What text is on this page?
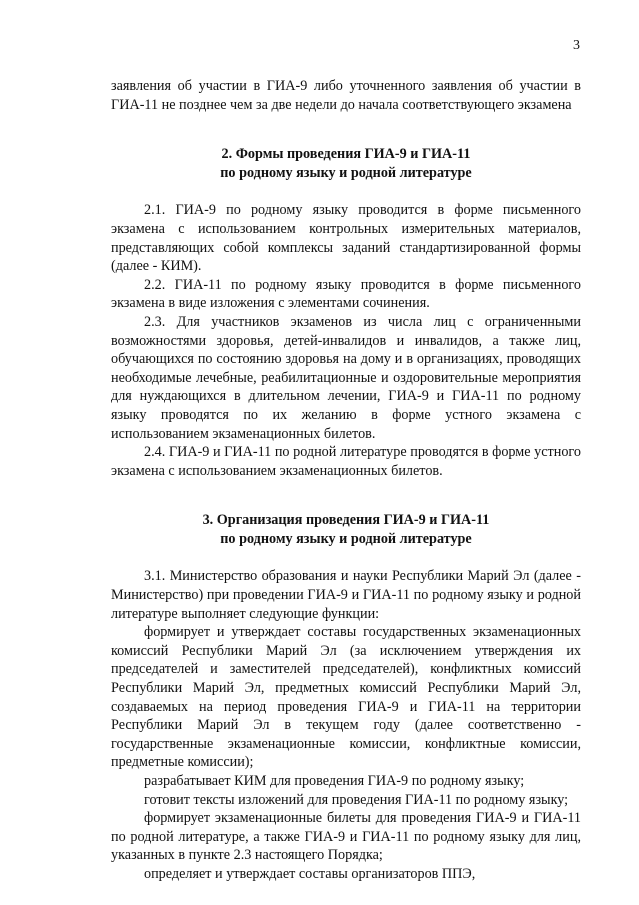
3

заявления об участии в ГИА-9 либо уточненного заявления об участии в ГИА-11 не позднее чем за две недели до начала соответствующего экзамена

2. Формы проведения ГИА-9 и ГИА-11

по родному языку и родной литературе

2.1. ГИА-9 по родному языку проводится в форме письменного экзамена с использованием контрольных измерительных материалов, представляющих собой комплексы заданий стандартизированной формы (далее - КИМ).

2.2. ГИА-11 по родному языку проводится в форме письменного экзамена в виде изложения с элементами сочинения.

2.3. Для участников экзаменов из числа лиц с ограниченными возможностями здоровья, детей-инвалидов и инвалидов, а также лиц, обучающихся по состоянию здоровья на дому и в организациях, проводящих необходимые лечебные, реабилитационные и оздоровительные мероприятия для нуждающихся в длительном лечении, ГИА-9 и ГИА-11 по родному языку проводятся по их желанию в форме устного экзамена с использованием экзаменационных билетов.

2.4. ГИА-9 и ГИА-11 по родной литературе проводятся в форме устного экзамена с использованием экзаменационных билетов.

3. Организация проведения ГИА-9 и ГИА-11

по родному языку и родной литературе

3.1. Министерство образования и науки Республики Марий Эл (далее - Министерство) при проведении ГИА-9 и ГИА-11 по родному языку и родной литературе выполняет следующие функции:

формирует и утверждает составы государственных экзаменационных комиссий Республики Марий Эл (за исключением утверждения их председателей и заместителей председателей), конфликтных комиссий Республики Марий Эл, предметных комиссий Республики Марий Эл, создаваемых на период проведения ГИА-9 и ГИА-11 на территории Республики Марий Эл в текущем году (далее соответственно - государственные экзаменационные комиссии, конфликтные комиссии, предметные комиссии);

разрабатывает КИМ для проведения ГИА-9 по родному языку;

готовит тексты изложений для проведения ГИА-11 по родному языку;

формирует экзаменационные билеты для проведения ГИА-9 и ГИА-11 по родной литературе, а также ГИА-9 и ГИА-11 по родному языку для лиц, указанных в пункте 2.3 настоящего Порядка;

определяет и утверждает составы организаторов ППЭ,
